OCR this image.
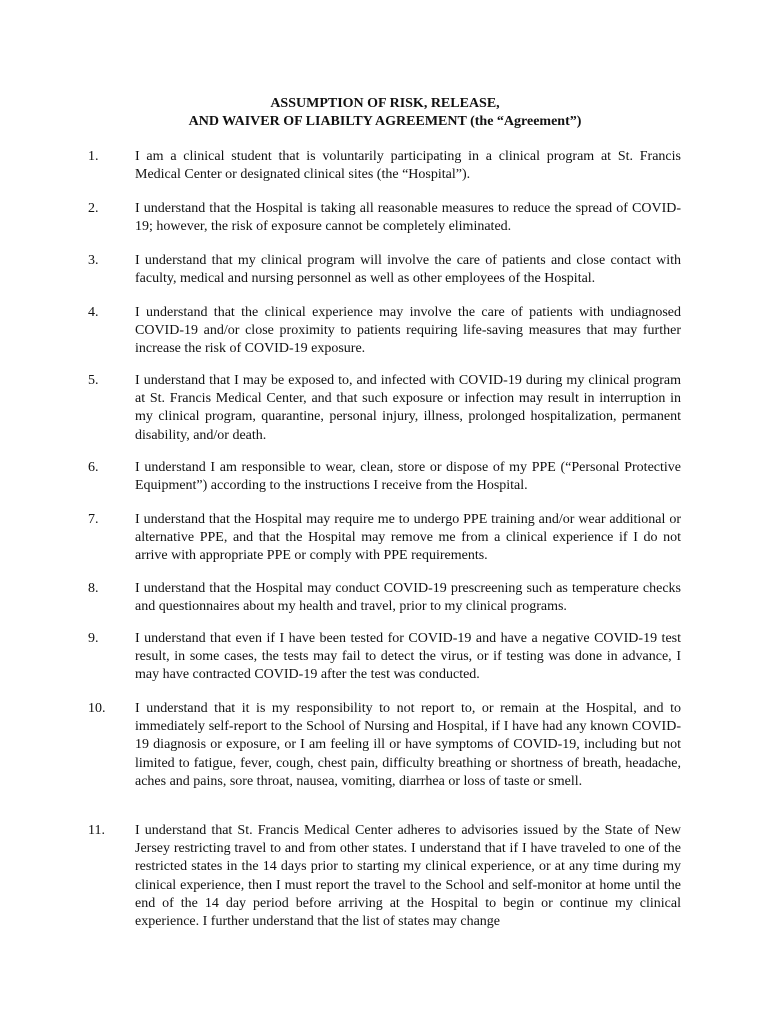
ASSUMPTION OF RISK, RELEASE,
AND WAIVER OF LIABILTY AGREEMENT (the “Agreement”)
1.	I am a clinical student that is voluntarily participating in a clinical program at St. Francis Medical Center or designated clinical sites (the “Hospital”).
2.	I understand that the Hospital is taking all reasonable measures to reduce the spread of COVID-19; however, the risk of exposure cannot be completely eliminated.
3.	I understand that my clinical program will involve the care of patients and close contact with faculty, medical and nursing personnel as well as other employees of the Hospital.
4.	I understand that the clinical experience may involve the care of patients with undiagnosed COVID-19 and/or close proximity to patients requiring life-saving measures that may further increase the risk of COVID-19 exposure.
5.	I understand that I may be exposed to, and infected with COVID-19 during my clinical program at St. Francis Medical Center, and that such exposure or infection may result in interruption in my clinical program, quarantine, personal injury, illness, prolonged hospitalization, permanent disability, and/or death.
6.	I understand I am responsible to wear, clean, store or dispose of my PPE (“Personal Protective Equipment”) according to the instructions I receive from the Hospital.
7.	I understand that the Hospital may require me to undergo PPE training and/or wear additional or alternative PPE, and that the Hospital may remove me from a clinical experience if I do not arrive with appropriate PPE or comply with PPE requirements.
8.	I understand that the Hospital may conduct COVID-19 prescreening such as temperature checks and questionnaires about my health and travel, prior to my clinical programs.
9.	I understand that even if I have been tested for COVID-19 and have a negative COVID-19 test result, in some cases, the tests may fail to detect the virus, or if testing was done in advance, I may have contracted COVID-19 after the test was conducted.
10.	I understand that it is my responsibility to not report to, or remain at the Hospital, and to immediately self-report to the School of Nursing and Hospital, if I have had any known COVID-19 diagnosis or exposure, or I am feeling ill or have symptoms of COVID-19, including but not limited to fatigue, fever, cough, chest pain, difficulty breathing or shortness of breath, headache, aches and pains, sore throat, nausea, vomiting, diarrhea or loss of taste or smell.
11.	I understand that St. Francis Medical Center adheres to advisories issued by the State of New Jersey restricting travel to and from other states. I understand that if I have traveled to one of the restricted states in the 14 days prior to starting my clinical experience, or at any time during my clinical experience, then I must report the travel to the School and self-monitor at home until the end of the 14 day period before arriving at the Hospital to begin or continue my clinical experience. I further understand that the list of states may change
